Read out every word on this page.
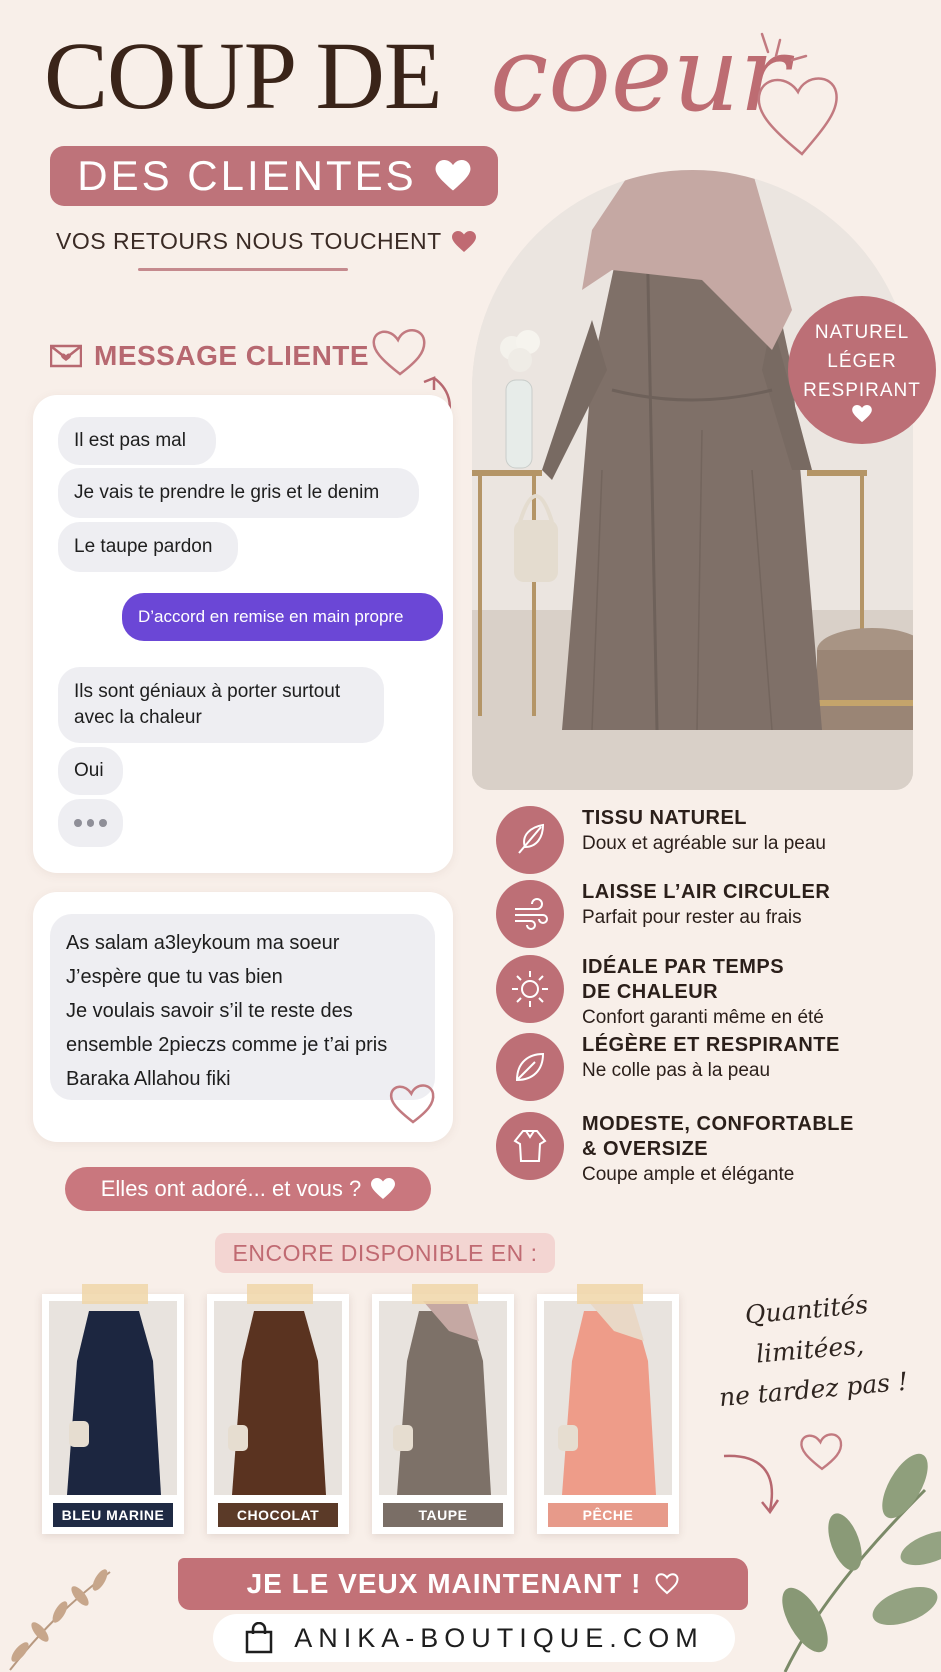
COUP DE coeur
DES CLIENTES
VOS RETOURS NOUS TOUCHENT
NATUREL
LÉGER
RESPIRANT
MESSAGE CLIENTE
Il est pas mal
Je vais te prendre le gris et le denim
Le taupe pardon
D’accord en remise en main propre
Ils sont géniaux à porter surtout
avec la chaleur
Oui
As salam a3leykoum ma soeur
J’espère que tu vas bien
Je voulais savoir s’il te reste des
ensemble 2pieczs comme je t’ai pris
Baraka Allahou fiki
Elles ont adoré... et vous ?
TISSU NATUREL
Doux et agréable sur la peau
LAISSE L’AIR CIRCULER
Parfait pour rester au frais
IDÉALE PAR TEMPS
DE CHALEUR
Confort garanti même en été
LÉGÈRE ET RESPIRANTE
Ne colle pas à la peau
MODESTE, CONFORTABLE
& OVERSIZE
Coupe ample et élégante
ENCORE DISPONIBLE EN :
BLEU MARINE	CHOCOLAT	TAUPE	PÊCHE
Quantités
limitées,
ne tardez pas !
JE LE VEUX MAINTENANT !
ANIKA-BOUTIQUE.COM
